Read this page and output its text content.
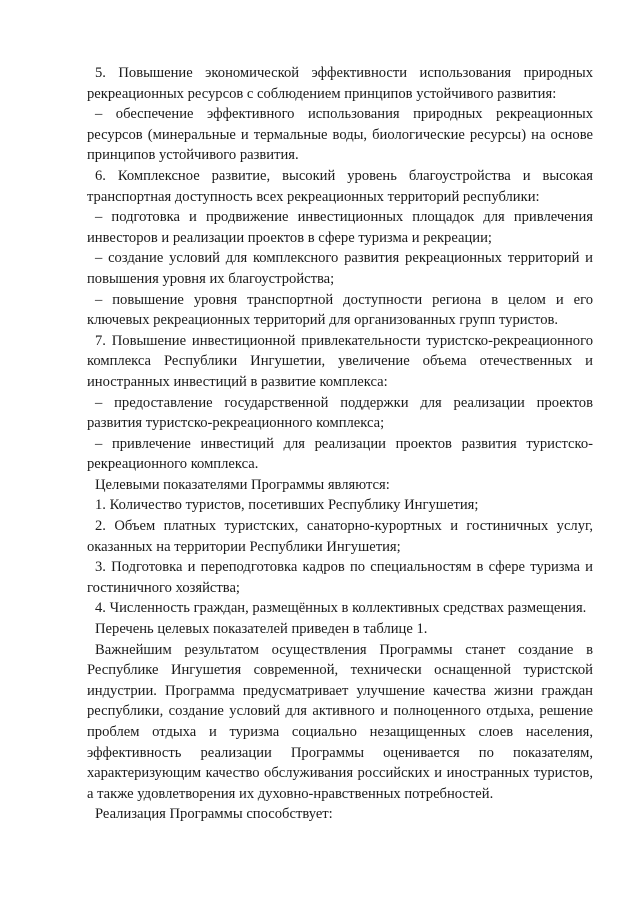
5. Повышение экономической эффективности использования природных рекреационных ресурсов с соблюдением принципов устойчивого развития:

– обеспечение эффективного использования природных рекреационных ресурсов (минеральные и термальные воды, биологические ресурсы) на основе принципов устойчивого развития.

6. Комплексное развитие, высокий уровень благоустройства и высокая транспортная доступность всех рекреационных территорий республики:

– подготовка и продвижение инвестиционных площадок для привлечения инвесторов и реализации проектов в сфере туризма и рекреации;

– создание условий для комплексного развития рекреационных территорий и повышения уровня их благоустройства;

– повышение уровня транспортной доступности региона в целом и его ключевых рекреационных территорий для организованных групп туристов.

7. Повышение инвестиционной привлекательности туристско-рекреационного комплекса Республики Ингушетии, увеличение объема отечественных и иностранных инвестиций в развитие комплекса:

– предоставление государственной поддержки для реализации проектов развития туристско-рекреационного комплекса;

– привлечение инвестиций для реализации проектов развития туристско-рекреационного комплекса.

Целевыми показателями Программы являются:

1. Количество туристов, посетивших Республику Ингушетия;

2. Объем платных туристских, санаторно-курортных и гостиничных услуг, оказанных на территории Республики Ингушетия;

3. Подготовка и переподготовка кадров по специальностям в сфере туризма и гостиничного хозяйства;

4. Численность граждан, размещённых в коллективных средствах размещения.

Перечень целевых показателей приведен в таблице 1.

Важнейшим результатом осуществления Программы станет создание в Республике Ингушетия современной, технически оснащенной туристской индустрии. Программа предусматривает улучшение качества жизни граждан республики, создание условий для активного и полноценного отдыха, решение проблем отдыха и туризма социально незащищенных слоев населения, эффективность реализации Программы оценивается по показателям, характеризующим качество обслуживания российских и иностранных туристов, а также удовлетворения их духовно-нравственных потребностей.

Реализация Программы способствует:
